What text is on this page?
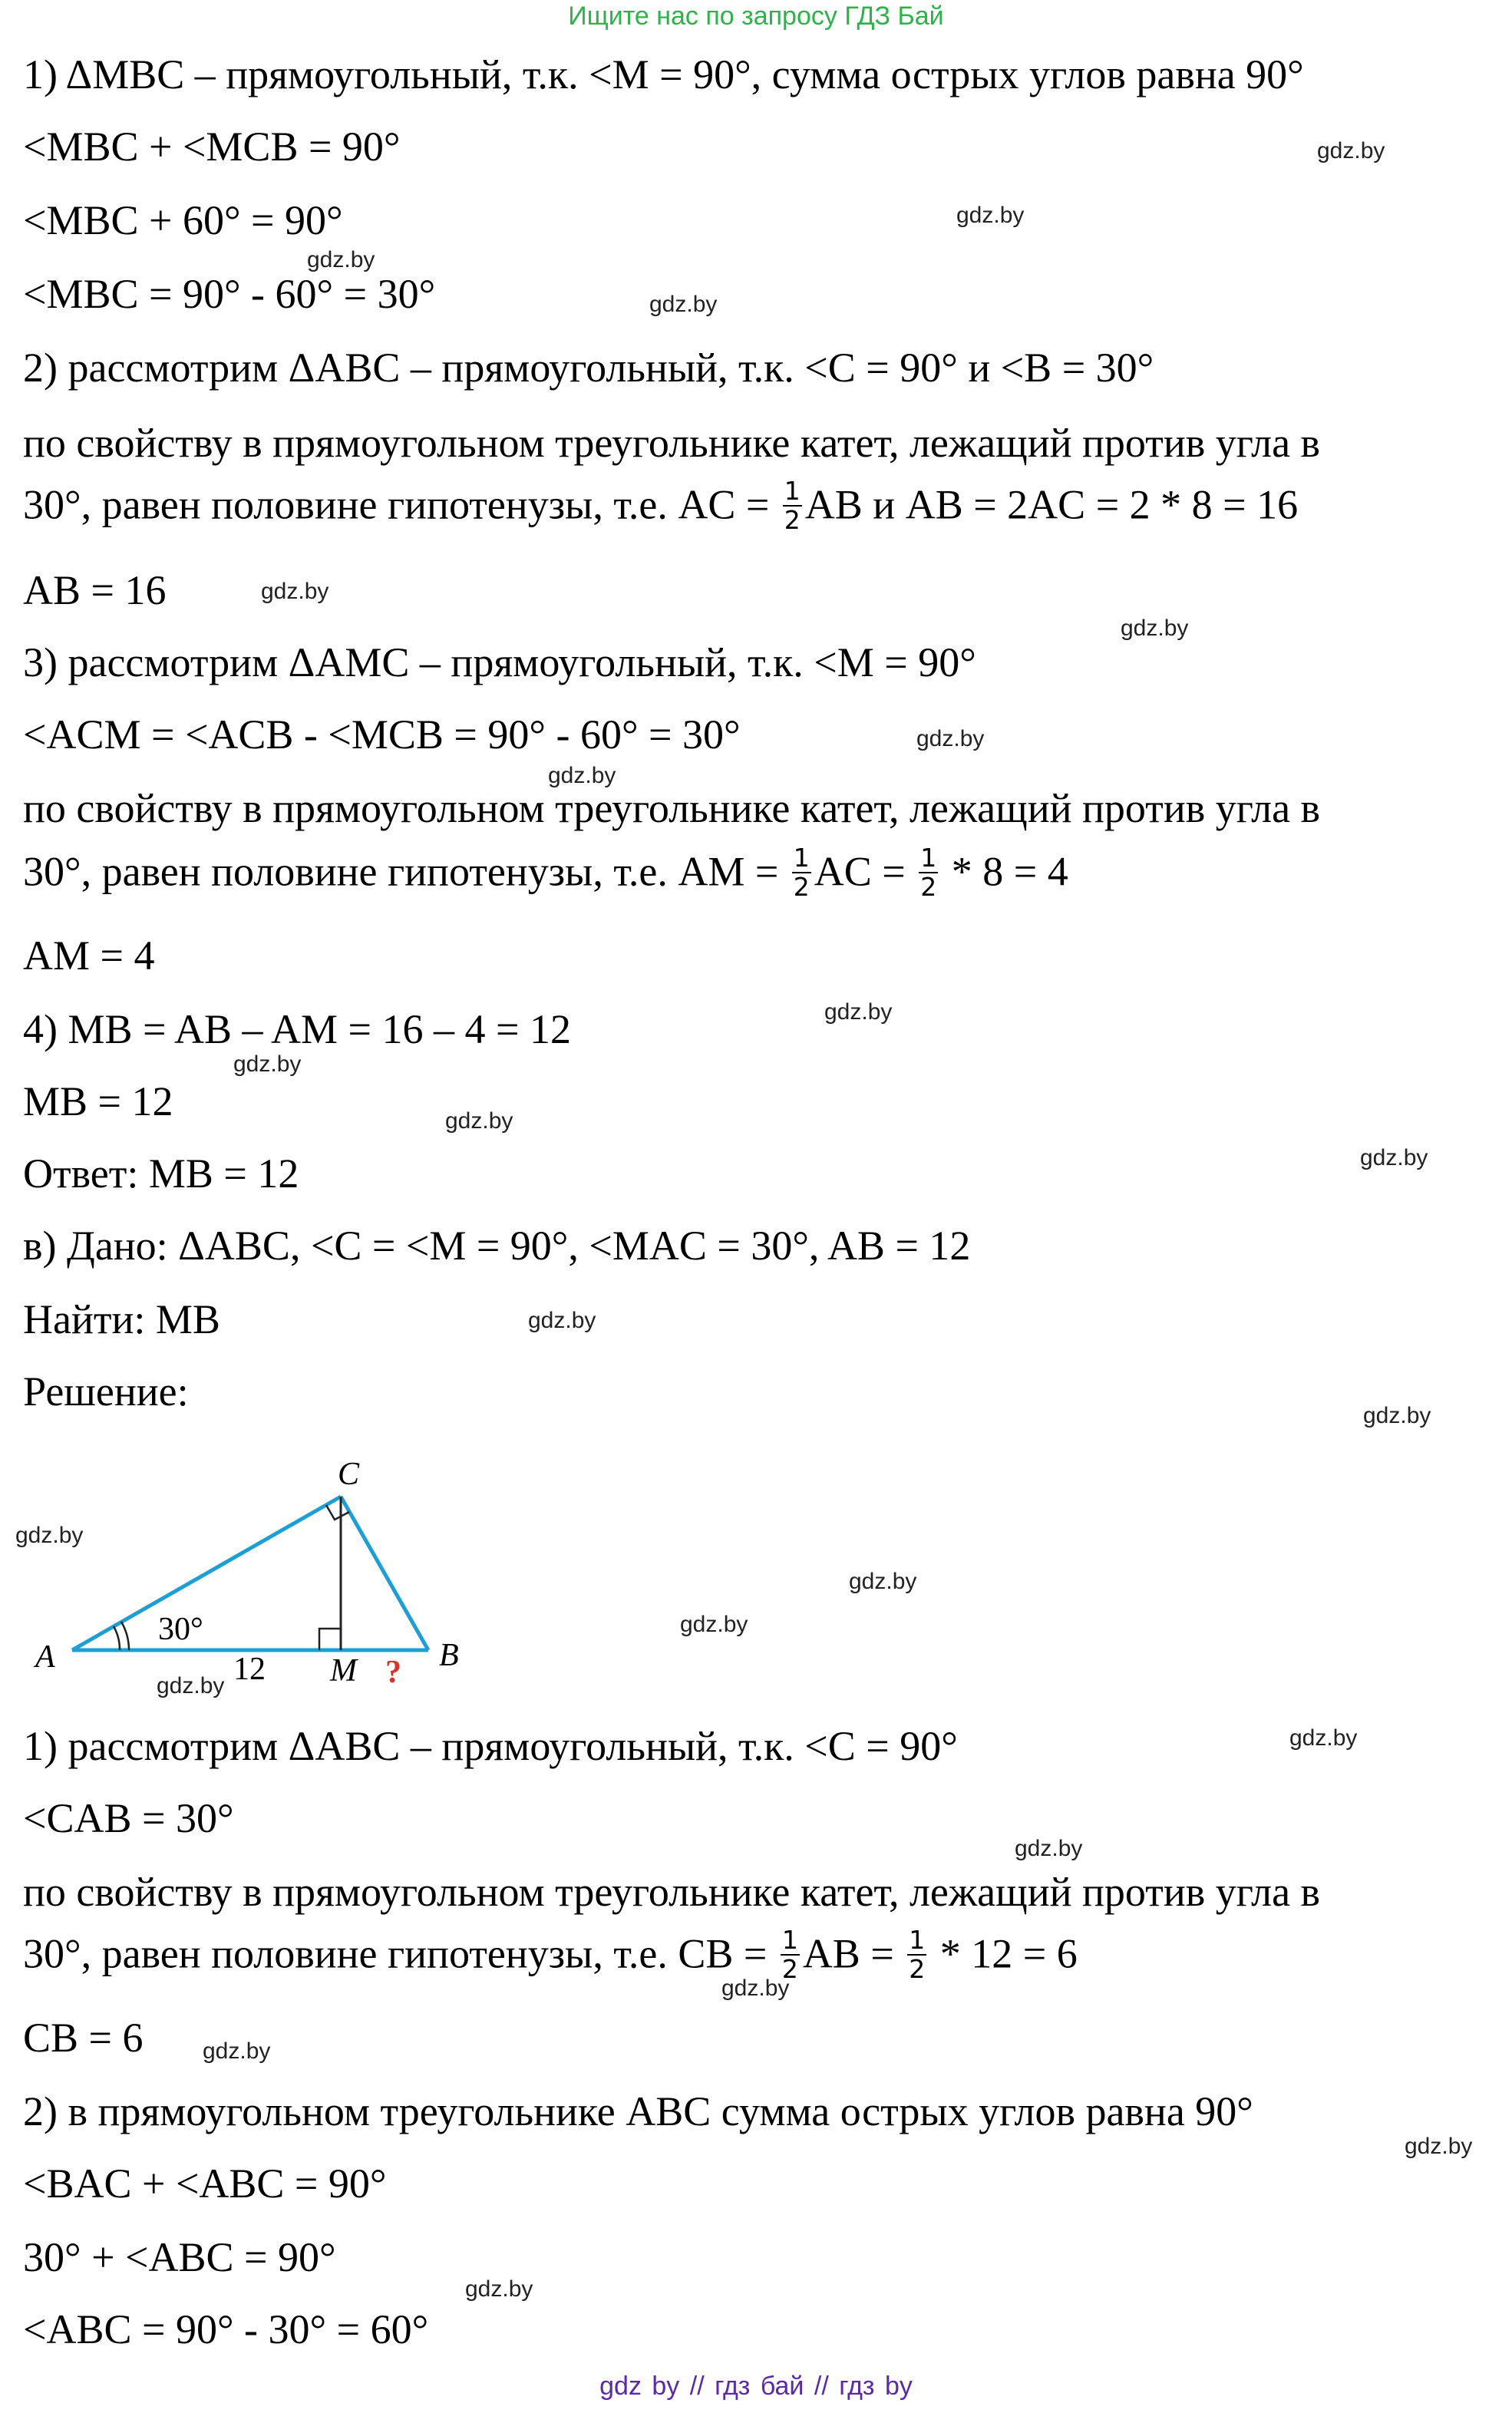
Ищите нас по запросу ГДЗ Бай
1) ΔMBC – прямоугольный, т.к. <M = 90°, сумма острых углов равна 90°
<MBC + <MCB = 90°
<MBC + 60° = 90°
<MBC = 90° - 60° = 30°
2) рассмотрим ΔABC – прямоугольный, т.к. <C = 90° и <B = 30°
по свойству в прямоугольном треугольнике катет, лежащий против угла в
30°, равен половине гипотенузы, т.е. AC = $\frac{1}{2}$ AB и AB = 2AC = 2 * 8 = 16
AB = 16
3) рассмотрим ΔAMC – прямоугольный, т.к. <M = 90°
<ACM = <ACB - <MCB = 90° - 60° = 30°
по свойству в прямоугольном треугольнике катет, лежащий против угла в
30°, равен половине гипотенузы, т.е. AM = $\frac{1}{2}$ AC = $\frac{1}{2} * 8 = 4$
AM = 4
4) MB = AB – AM = 16 – 4 = 12
MB = 12
Ответ: MB = 12
в) Дано: ΔABC, <C = <M = 90°, <MAC = 30°, AB = 12
Найти: MB
Решение:
A	B
C
M
30°
12	?
1) рассмотрим ΔABC – прямоугольный, т.к. <C = 90°
<CAB = 30°
по свойству в прямоугольном треугольнике катет, лежащий против угла в
30°, равен половине гипотенузы, т.е. CB = $\frac{1}{2}$ AB = $\frac{1}{2} * 12 = 6$
CB = 6
2) в прямоугольном треугольнике ABC сумма острых углов равна 90°
<BAC + <ABC = 90°
30° + <ABC = 90°
<ABC = 90° - 30° = 60°
gdz.by
gdz.by
gdz.by
gdz.by
gdz.by
gdz.by
gdz.by
gdz.by
gdz.by
gdz.by
gdz.by
gdz.by
gdz.by
gdz.by
gdz.by
gdz.by
gdz.by
gdz.by
gdz.by
gdz.by
gdz.by
gdz.by
gdz.by
gdz.by
gdz by // гдз бай // гдз by
